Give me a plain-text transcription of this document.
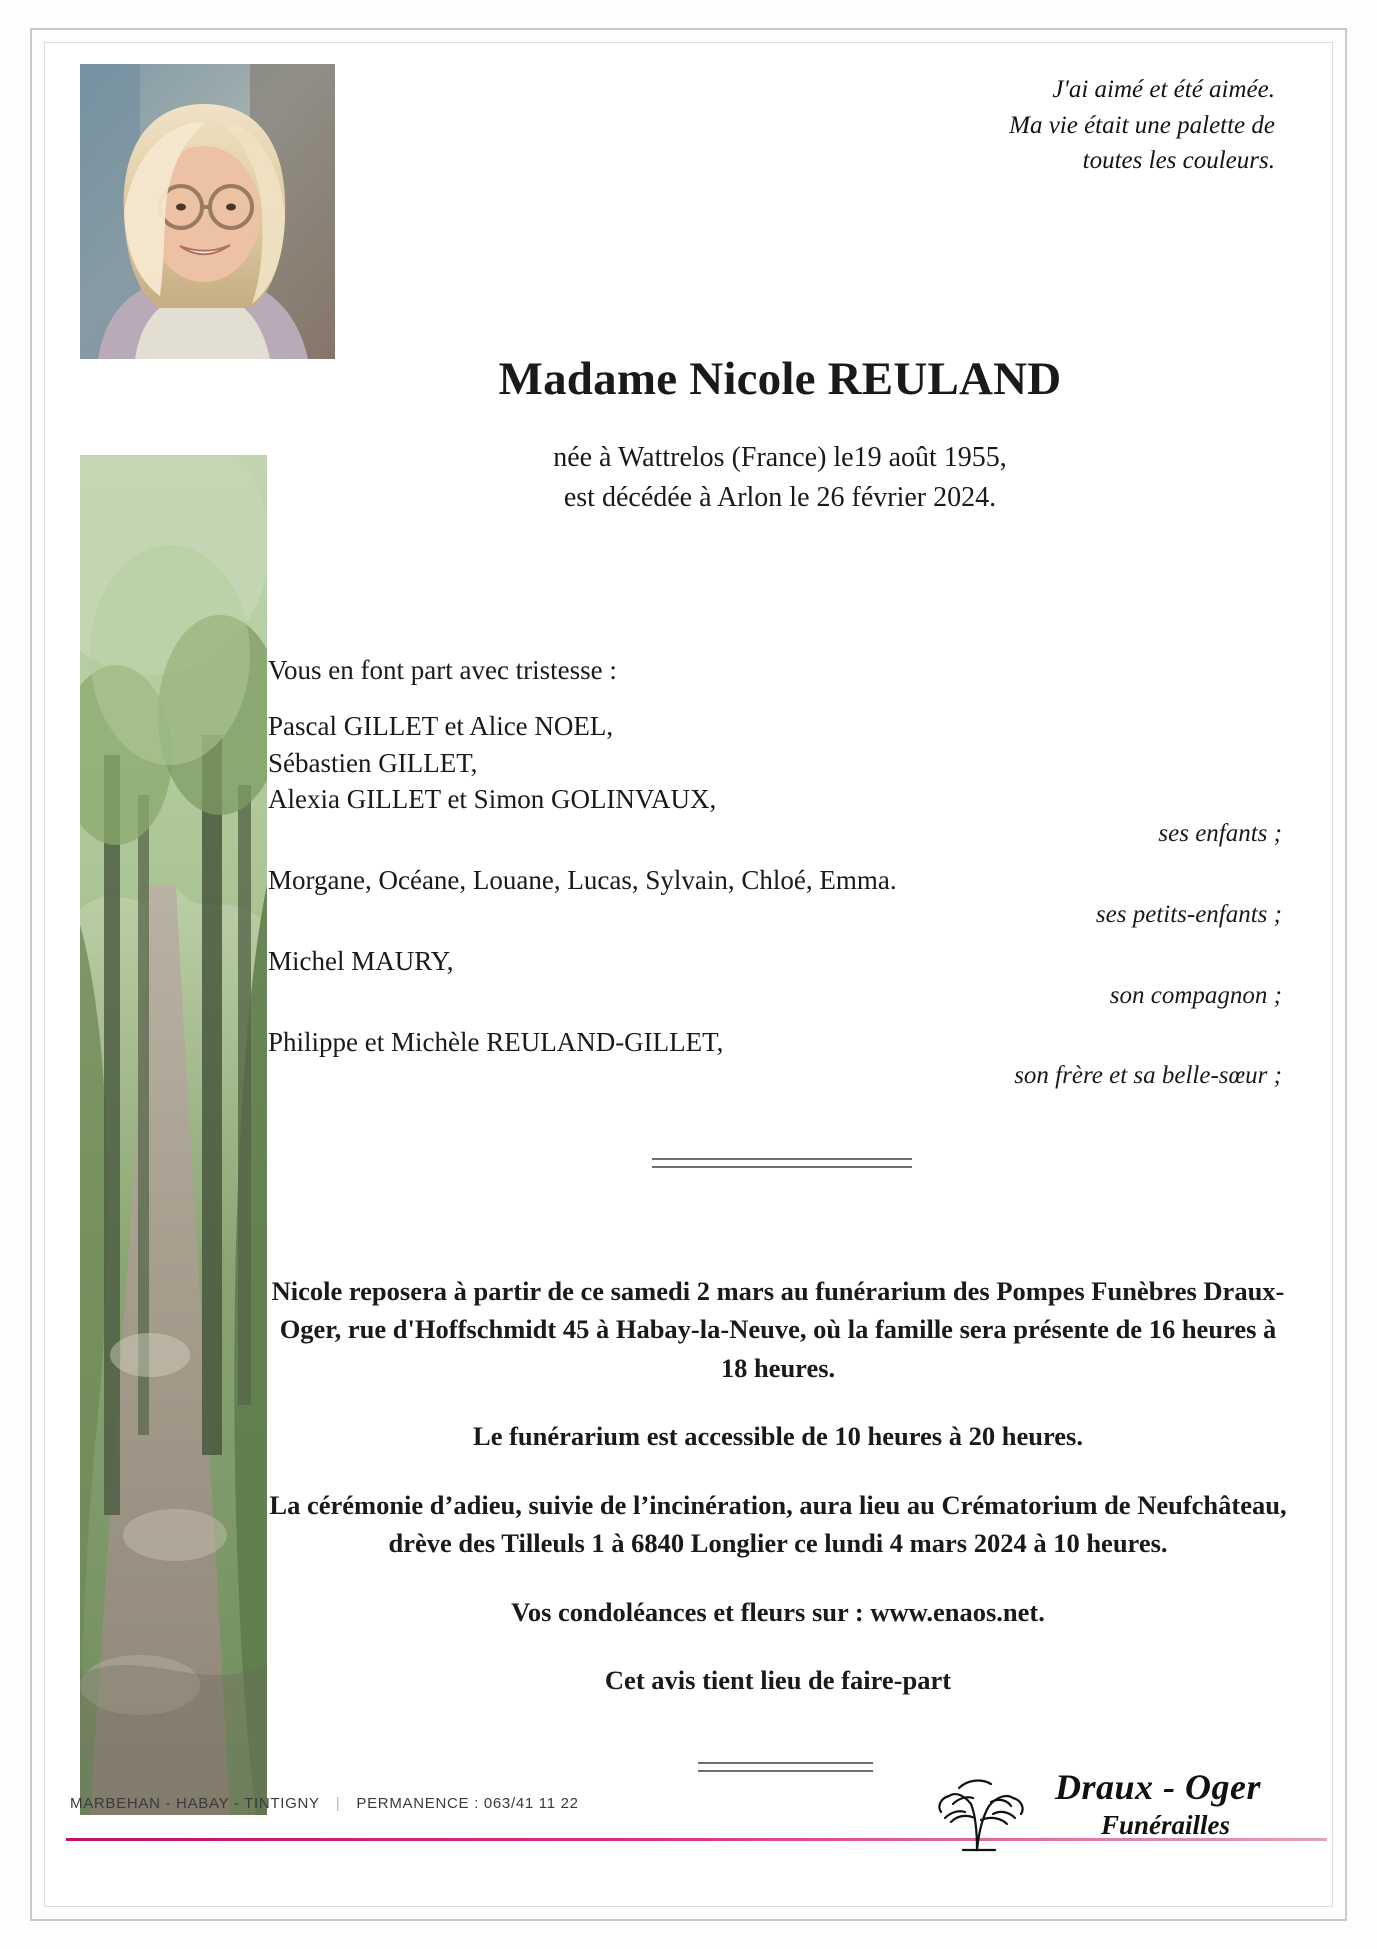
J'ai aimé et été aimée.
Ma vie était une palette de
toutes les couleurs.
Madame Nicole REULAND
née à Wattrelos (France) le19 août 1955,
est décédée à Arlon le 26 février 2024.
Vous en font part avec tristesse :
Pascal GILLET et Alice NOEL,
Sébastien GILLET,
Alexia GILLET et Simon GOLINVAUX,
ses enfants ;
Morgane, Océane, Louane, Lucas, Sylvain, Chloé, Emma.
ses petits-enfants ;
Michel MAURY,
son compagnon ;
Philippe et Michèle REULAND-GILLET,
son frère et sa belle-sœur ;

Nicole reposera à partir de ce samedi 2 mars au funérarium des Pompes Funèbres Draux-Oger, rue d'Hoffschmidt 45 à Habay-la-Neuve, où la famille sera présente de 16 heures à 18 heures.

Le funérarium est accessible de 10 heures à 20 heures.

La cérémonie d’adieu, suivie de l’incinération, aura lieu au Crématorium de Neufchâteau, drève des Tilleuls 1 à 6840 Longlier ce lundi 4 mars 2024 à 10 heures.

Vos condoléances et fleurs sur : www.enaos.net.

Cet avis tient lieu de faire-part

MARBEHAN - HABAY - TINTIGNY | PERMANENCE : 063/41 11 22	Draux - Oger
Funérailles
